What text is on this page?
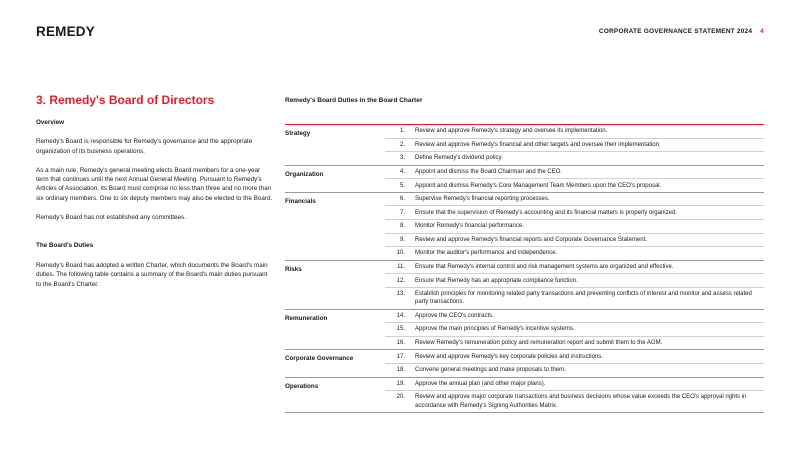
REMEDY	CORPORATE GOVERNANCE STATEMENT 2024 4
3. Remedy's Board of Directors
Overview

Remedy's Board is responsible for Remedy's governance and the appropriate organization of its business operations.

As a main rule, Remedy's general meeting elects Board members for a one-year term that continues until the next Annual General Meeting. Pursuant to Remedy's Articles of Association, its Board must comprise no less than three and no more than six ordinary members. One to six deputy members may also be elected to the Board.

Remedy's Board has not established any committees.

The Board's Duties

Remedy's Board has adopted a written Charter, which documents the Board's main duties. The following table contains a summary of the Board's main duties pursuant to the Board's Charter.

Remedy's Board Duties in the Board Charter
Strategy	1.	Review and approve Remedy's strategy and oversee its implementation.
2.	Review and approve Remedy's financial and other targets and oversee their implementation.
3.	Define Remedy's dividend policy.
Organization	4.	Appoint and dismiss the Board Chairman and the CEO.
5.	Appoint and dismiss Remedy's Core Management Team Members upon the CEO's proposal.
Financials	6.	Supervise Remedy's financial reporting processes.
7.	Ensure that the supervision of Remedy's accounting and its financial matters is properly organized.
8.	Monitor Remedy's financial performance.
9.	Review and approve Remedy's financial reports and Corporate Governance Statement.
10.	Monitor the auditor's performance and independence.
Risks	11.	Ensure that Remedy's internal control and risk management systems are organized and effective.
12.	Ensure that Remedy has an appropriate compliance function.
13.	Establish principles for monitoring related party transactions and preventing conflicts of interest and monitor and assess related party transactions.
Remuneration	14.	Approve the CEO's contracts.
15.	Approve the main principles of Remedy's incentive systems.
16.	Review Remedy's remuneration policy and remuneration report and submit them to the AGM.
Corporate Governance	17.	Review and approve Remedy's key corporate policies and instructions.
18.	Convene general meetings and make proposals to them.
Operations	19.	Approve the annual plan (and other major plans).
20.	Review and approve major corporate transactions and business decisions whose value exceeds the CEO's approval rights in accordance with Remedy's Signing Authorities Matrix.
